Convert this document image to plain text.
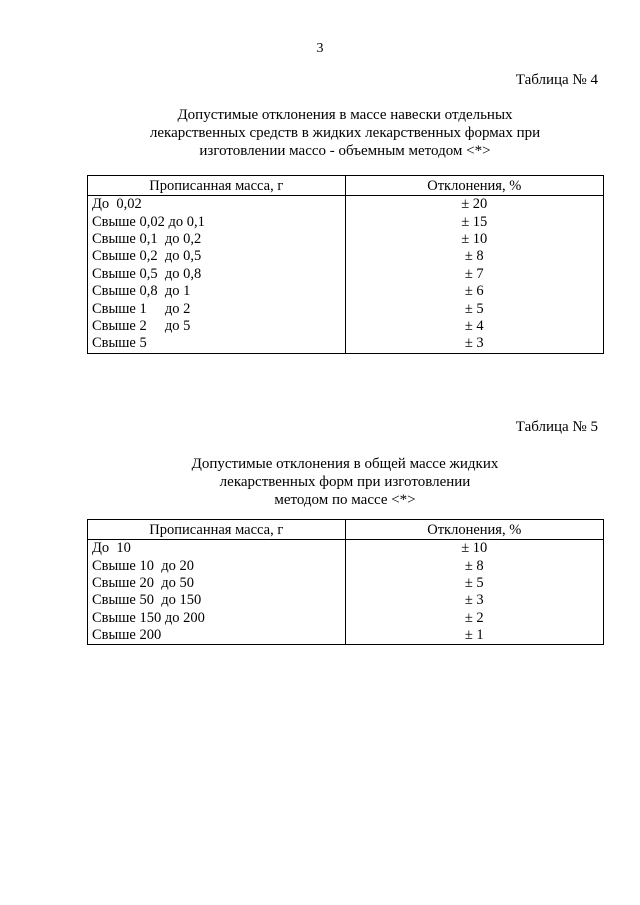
3
Таблица № 4
Допустимые отклонения в массе навески отдельных
лекарственных средств в жидких лекарственных формах при
изготовлении массо - объемным методом <*>
Прописанная масса, г	Отклонения, %
До  0,02	± 20
Свыше 0,02 до 0,1	± 15
Свыше 0,1  до 0,2	± 10
Свыше 0,2  до 0,5	± 8
Свыше 0,5  до 0,8	± 7
Свыше 0,8  до 1	± 6
Свыше 1     до 2	± 5
Свыше 2     до 5	± 4
Свыше 5	± 3
Таблица № 5
Допустимые отклонения в общей массе жидких
лекарственных форм при изготовлении
методом по массе <*>
Прописанная масса, г	Отклонения, %
До  10	± 10
Свыше 10  до 20	± 8
Свыше 20  до 50	± 5
Свыше 50  до 150	± 3
Свыше 150 до 200	± 2
Свыше 200	± 1
